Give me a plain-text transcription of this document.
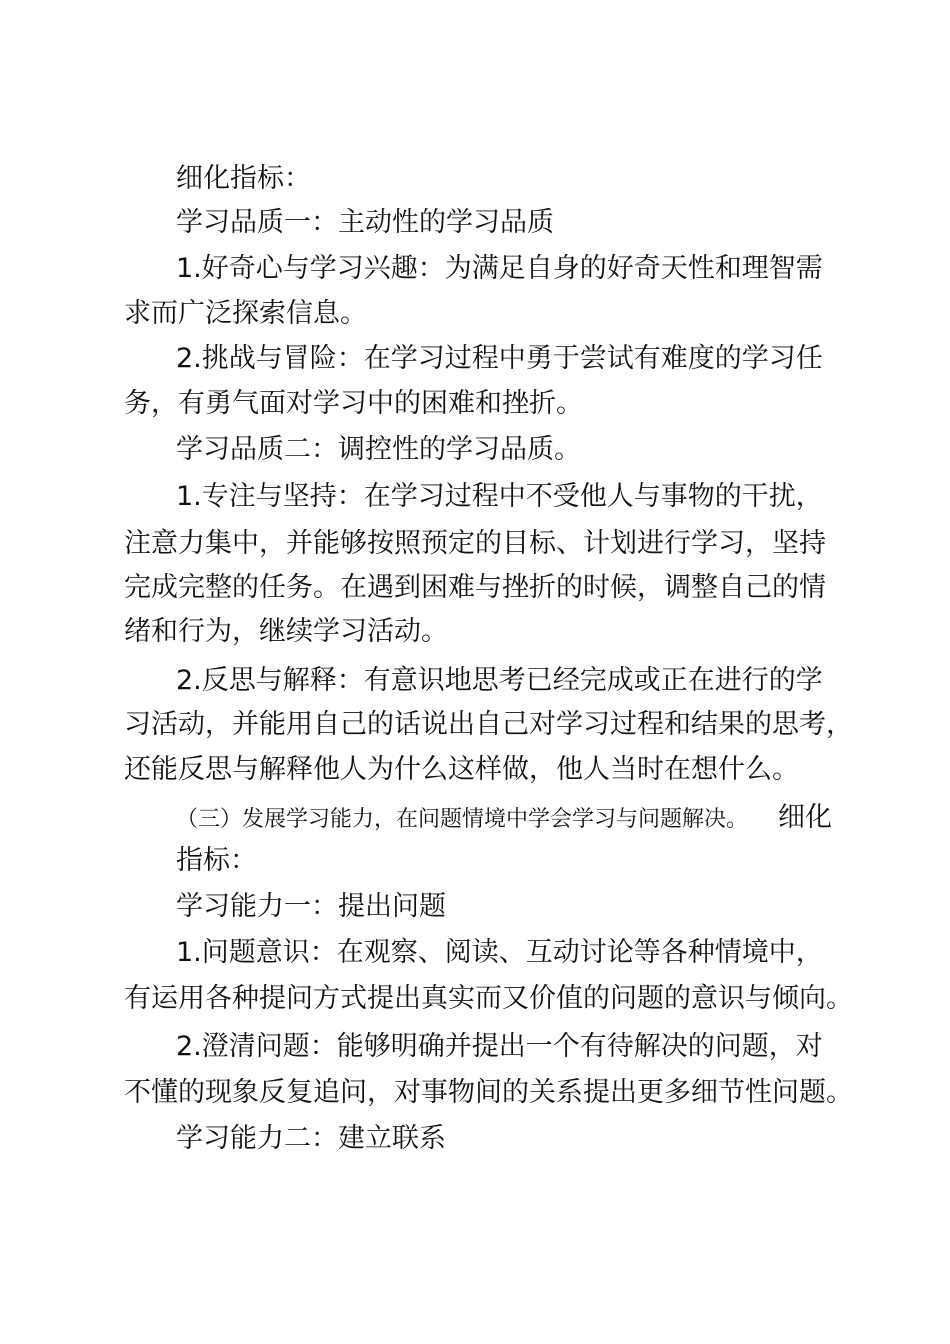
细化指标：
学习品质一：主动性的学习品质
1.好奇心与学习兴趣：为满足自身的好奇天性和理智需
求而广泛探索信息。
2.挑战与冒险：在学习过程中勇于尝试有难度的学习任
务，有勇气面对学习中的困难和挫折。
学习品质二：调控性的学习品质。
1.专注与坚持：在学习过程中不受他人与事物的干扰，
注意力集中，并能够按照预定的目标、计划进行学习，坚持
完成完整的任务。在遇到困难与挫折的时候，调整自己的情
绪和行为，继续学习活动。
2.反思与解释：有意识地思考已经完成或正在进行的学
习活动，并能用自己的话说出自己对学习过程和结果的思考，
还能反思与解释他人为什么这样做，他人当时在想什么。
（三）发展学习能力，在问题情境中学会学习与问题解决。 细化
指标：
学习能力一：提出问题
1.问题意识：在观察、阅读、互动讨论等各种情境中，
有运用各种提问方式提出真实而又价值的问题的意识与倾向。
2.澄清问题：能够明确并提出一个有待解决的问题，对
不懂的现象反复追问，对事物间的关系提出更多细节性问题。
学习能力二：建立联系
